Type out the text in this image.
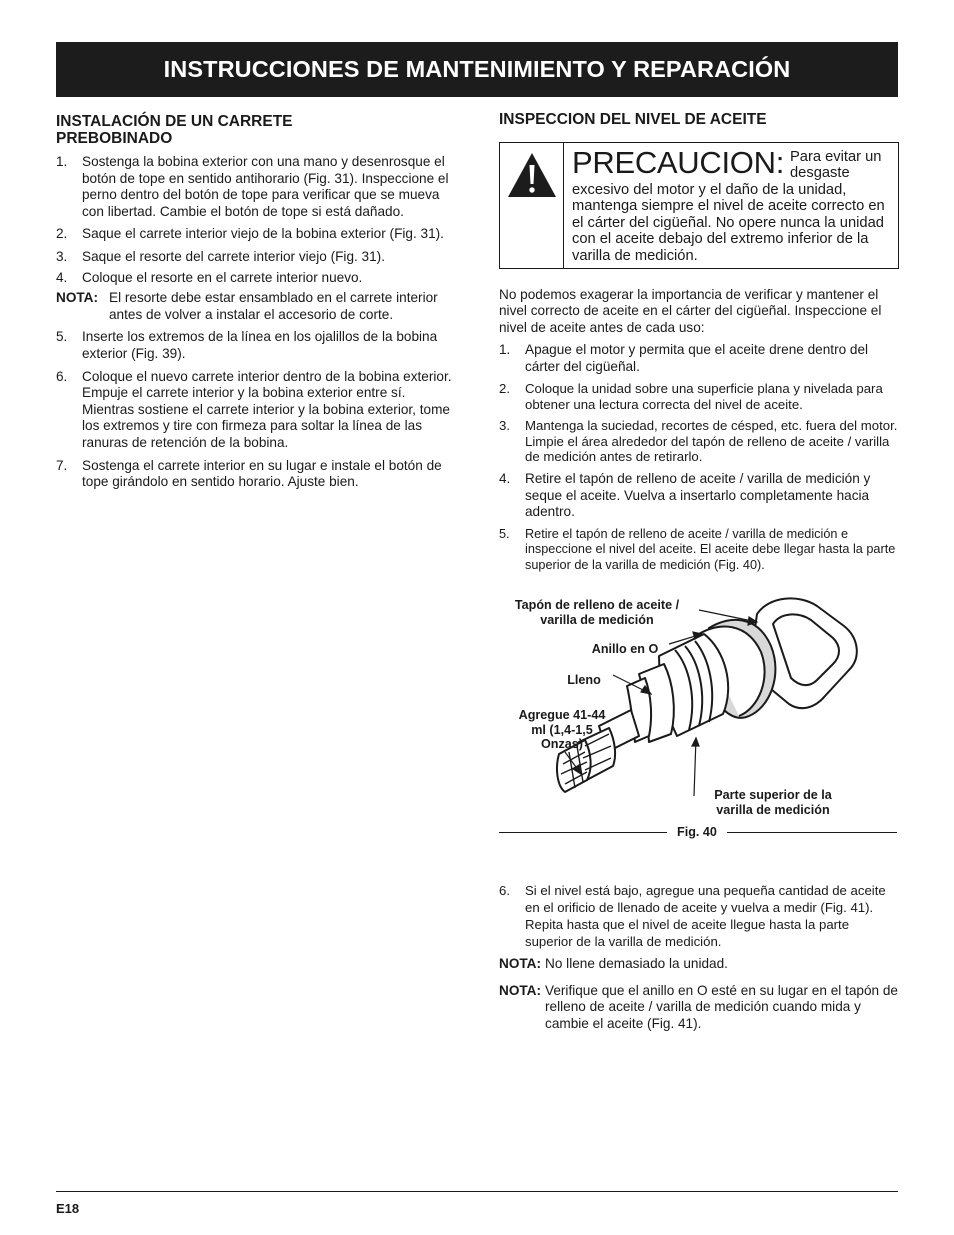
INSTRUCCIONES DE MANTENIMIENTO Y REPARACIÓN
INSTALACIÓN DE UN CARRETE PREBOBINADO
1.	Sostenga la bobina exterior con una mano y desenrosque el botón de tope en sentido antihorario (Fig. 31). Inspeccione el perno dentro del botón de tope para verificar que se mueva con libertad. Cambie el botón de tope si está dañado.
2.	Saque el carrete interior viejo de la bobina exterior (Fig. 31).
3.	Saque el resorte del carrete interior viejo (Fig. 31).
4.	Coloque el resorte en el carrete interior nuevo.
NOTA: El resorte debe estar ensamblado en el carrete interior antes de volver a instalar el accesorio de corte.
5.	Inserte los extremos de la línea en los ojalillos de la bobina exterior (Fig. 39).
6.	Coloque el nuevo carrete interior dentro de la bobina exterior. Empuje el carrete interior y la bobina exterior entre sí. Mientras sostiene el carrete interior y la bobina exterior, tome los extremos y tire con firmeza para soltar la línea de las ranuras de retención de la bobina.
7.	Sostenga el carrete interior en su lugar e instale el botón de tope girándolo en sentido horario. Ajuste bien.
INSPECCION DEL NIVEL DE ACEITE
PRECAUCION: Para evitar un desgaste excesivo del motor y el daño de la unidad, mantenga siempre el nivel de aceite correcto en el cárter del cigüeñal. No opere nunca la unidad con el aceite debajo del extremo inferior de la varilla de medición.

No podemos exagerar la importancia de verificar y mantener el nivel correcto de aceite en el cárter del cigüeñal. Inspeccione el nivel de aceite antes de cada uso:

1.	Apague el motor y permita que el aceite drene dentro del cárter del cigüeñal.
2.	Coloque la unidad sobre una superficie plana y nivelada para obtener una lectura correcta del nivel de aceite.
3.	Mantenga la suciedad, recortes de césped, etc. fuera del motor. Limpie el área alrededor del tapón de relleno de aceite / varilla de medición antes de retirarlo.
4.	Retire el tapón de relleno de aceite / varilla de medición y seque el aceite. Vuelva a insertarlo completamente hacia adentro.
5.	Retire el tapón de relleno de aceite / varilla de medición e inspeccione el nivel del aceite. El aceite debe llegar hasta la parte superior de la varilla de medición (Fig. 40).
Tapón de relleno de aceite / varilla de medición
Anillo en O
Lleno
Agregue 41-44 ml (1,4-1,5 Onzas)
Parte superior de la varilla de medición
Fig. 40
6.	Si el nivel está bajo, agregue una pequeña cantidad de aceite en el orificio de llenado de aceite y vuelva a medir (Fig. 41). Repita hasta que el nivel de aceite llegue hasta la parte superior de la varilla de medición.
NOTA: No llene demasiado la unidad.
NOTA: Verifique que el anillo en O esté en su lugar en el tapón de relleno de aceite / varilla de medición cuando mida y cambie el aceite (Fig. 41).
E18
